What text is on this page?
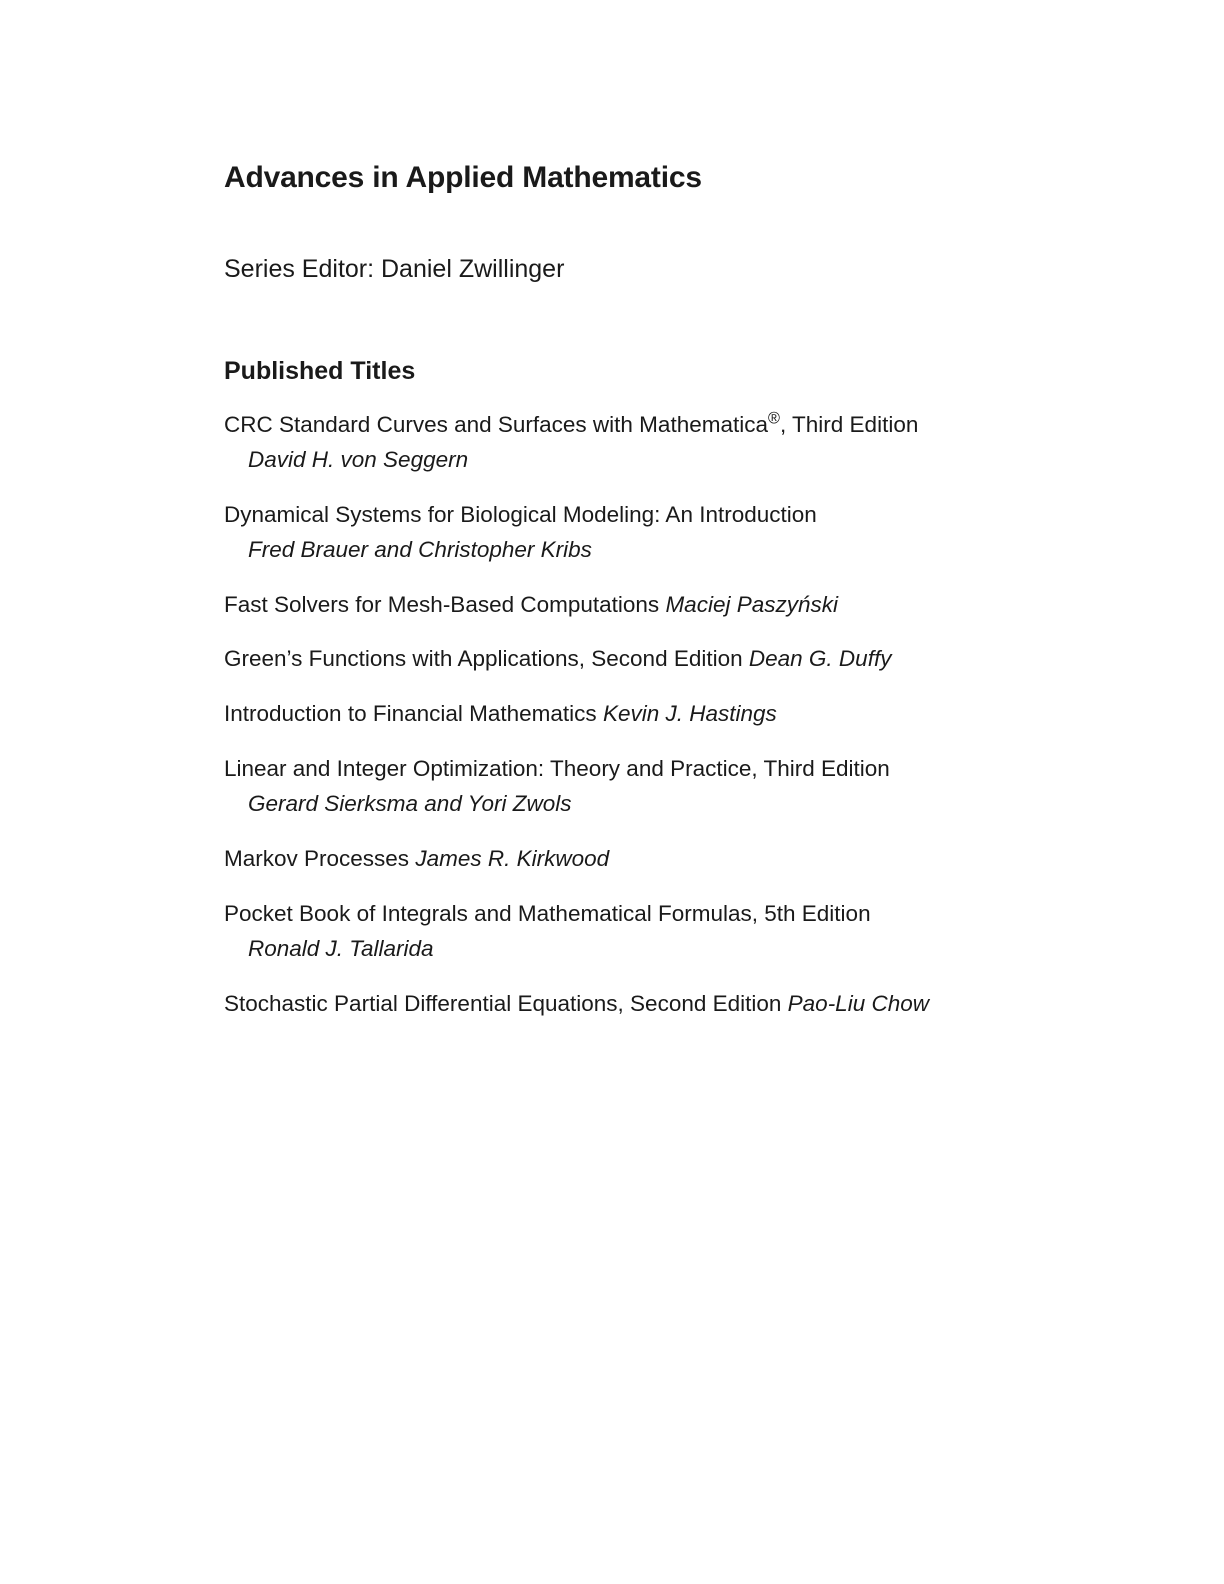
Advances in Applied Mathematics

Series Editor: Daniel Zwillinger

Published Titles
CRC Standard Curves and Surfaces with Mathematica®, Third Edition
David H. von Seggern
Dynamical Systems for Biological Modeling: An Introduction
Fred Brauer and Christopher Kribs
Fast Solvers for Mesh-Based Computations Maciej Paszyński
Green’s Functions with Applications, Second Edition Dean G. Duffy
Introduction to Financial Mathematics Kevin J. Hastings
Linear and Integer Optimization: Theory and Practice, Third Edition
Gerard Sierksma and Yori Zwols
Markov Processes James R. Kirkwood
Pocket Book of Integrals and Mathematical Formulas, 5th Edition
Ronald J. Tallarida
Stochastic Partial Differential Equations, Second Edition Pao-Liu Chow
